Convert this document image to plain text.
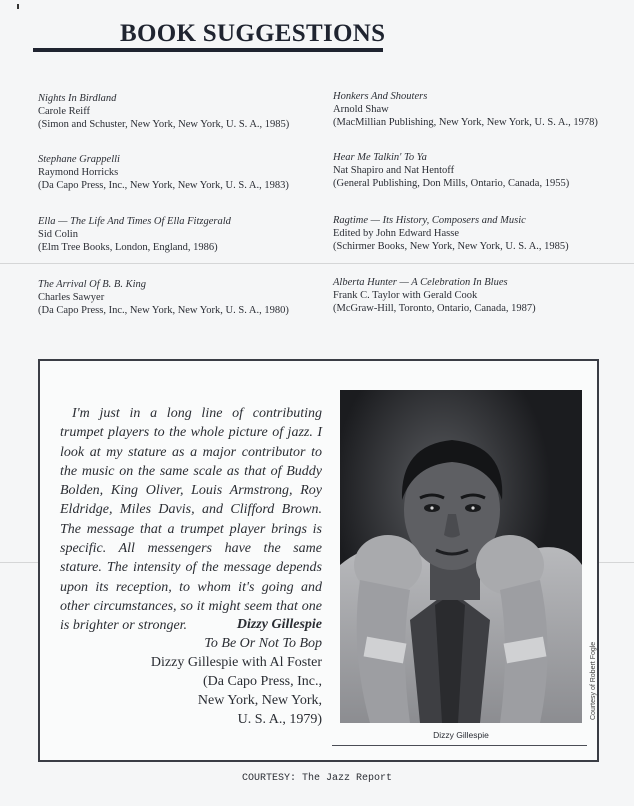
BOOK SUGGESTIONS
Nights In Birdland
Carole Reiff
(Simon and Schuster, New York, New York, U. S. A., 1985)
Stephane Grappelli
Raymond Horricks
(Da Capo Press, Inc., New York, New York, U. S. A., 1983)
Ella — The Life And Times Of Ella Fitzgerald
Sid Colin
(Elm Tree Books, London, England, 1986)
The Arrival Of B. B. King
Charles Sawyer
(Da Capo Press, Inc., New York, New York, U. S. A., 1980)
Honkers And Shouters
Arnold Shaw
(MacMillian Publishing, New York, New York, U. S. A., 1978)
Hear Me Talkin' To Ya
Nat Shapiro and Nat Hentoff
(General Publishing, Don Mills, Ontario, Canada, 1955)
Ragtime — Its History, Composers and Music
Edited by John Edward Hasse
(Schirmer Books, New York, New York, U. S. A., 1985)
Alberta Hunter — A Celebration In Blues
Frank C. Taylor with Gerald Cook
(McGraw-Hill, Toronto, Ontario, Canada, 1987)

I'm just in a long line of contributing trumpet players to the whole picture of jazz. I look at my stature as a major contributor to the music on the same scale as that of Buddy Bolden, King Oliver, Louis Armstrong, Roy Eldridge, Miles Davis, and Clifford Brown. The message that a trumpet player brings is specific. All messengers have the same stature. The intensity of the message depends upon its reception, to whom it's going and other circumstances, so it might seem that one is brighter or stronger.	Dizzy Gillespie
To Be Or Not To Bop
Dizzy Gillespie with Al Foster
(Da Capo Press, Inc.,
New York, New York,
U. S. A., 1979)	Courtesy of Robert Fogle
Dizzy Gillespie
COURTESY: The Jazz Report
